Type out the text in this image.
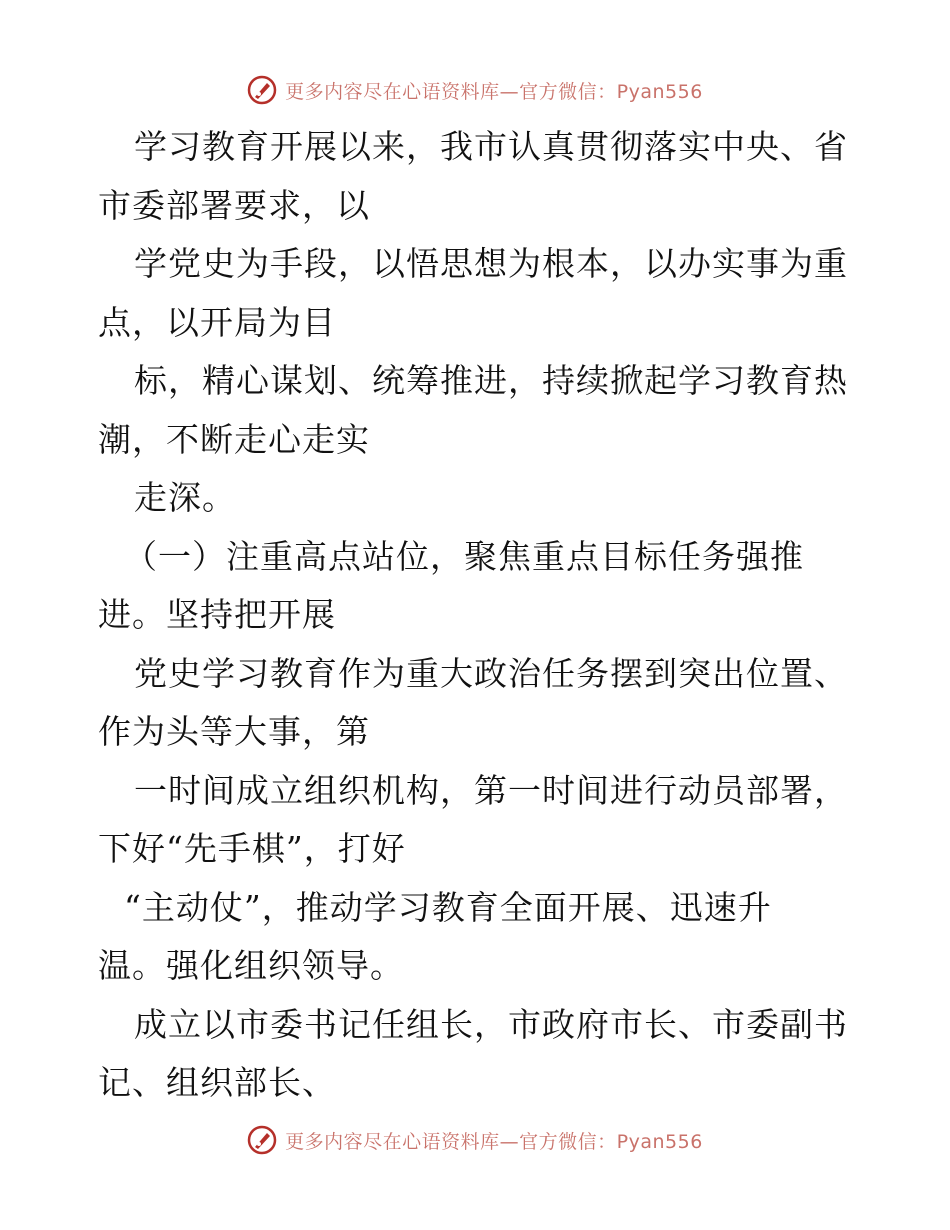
更多内容尽在心语资料库—官方微信：Pyan556
学习教育开展以来，我市认真贯彻落实中央、省
市委部署要求，以
学党史为手段，以悟思想为根本，以办实事为重
点，以开局为目
标，精心谋划、统筹推进，持续掀起学习教育热
潮，不断走心走实
走深。
（一）注重高点站位，聚焦重点目标任务强推
进。坚持把开展
党史学习教育作为重大政治任务摆到突出位置、
作为头等大事，第
一时间成立组织机构，第一时间进行动员部署，
下好“先手棋”，打好
“主动仗”，推动学习教育全面开展、迅速升
温。强化组织领导。
成立以市委书记任组长，市政府市长、市委副书
记、组织部长、
更多内容尽在心语资料库—官方微信：Pyan556
